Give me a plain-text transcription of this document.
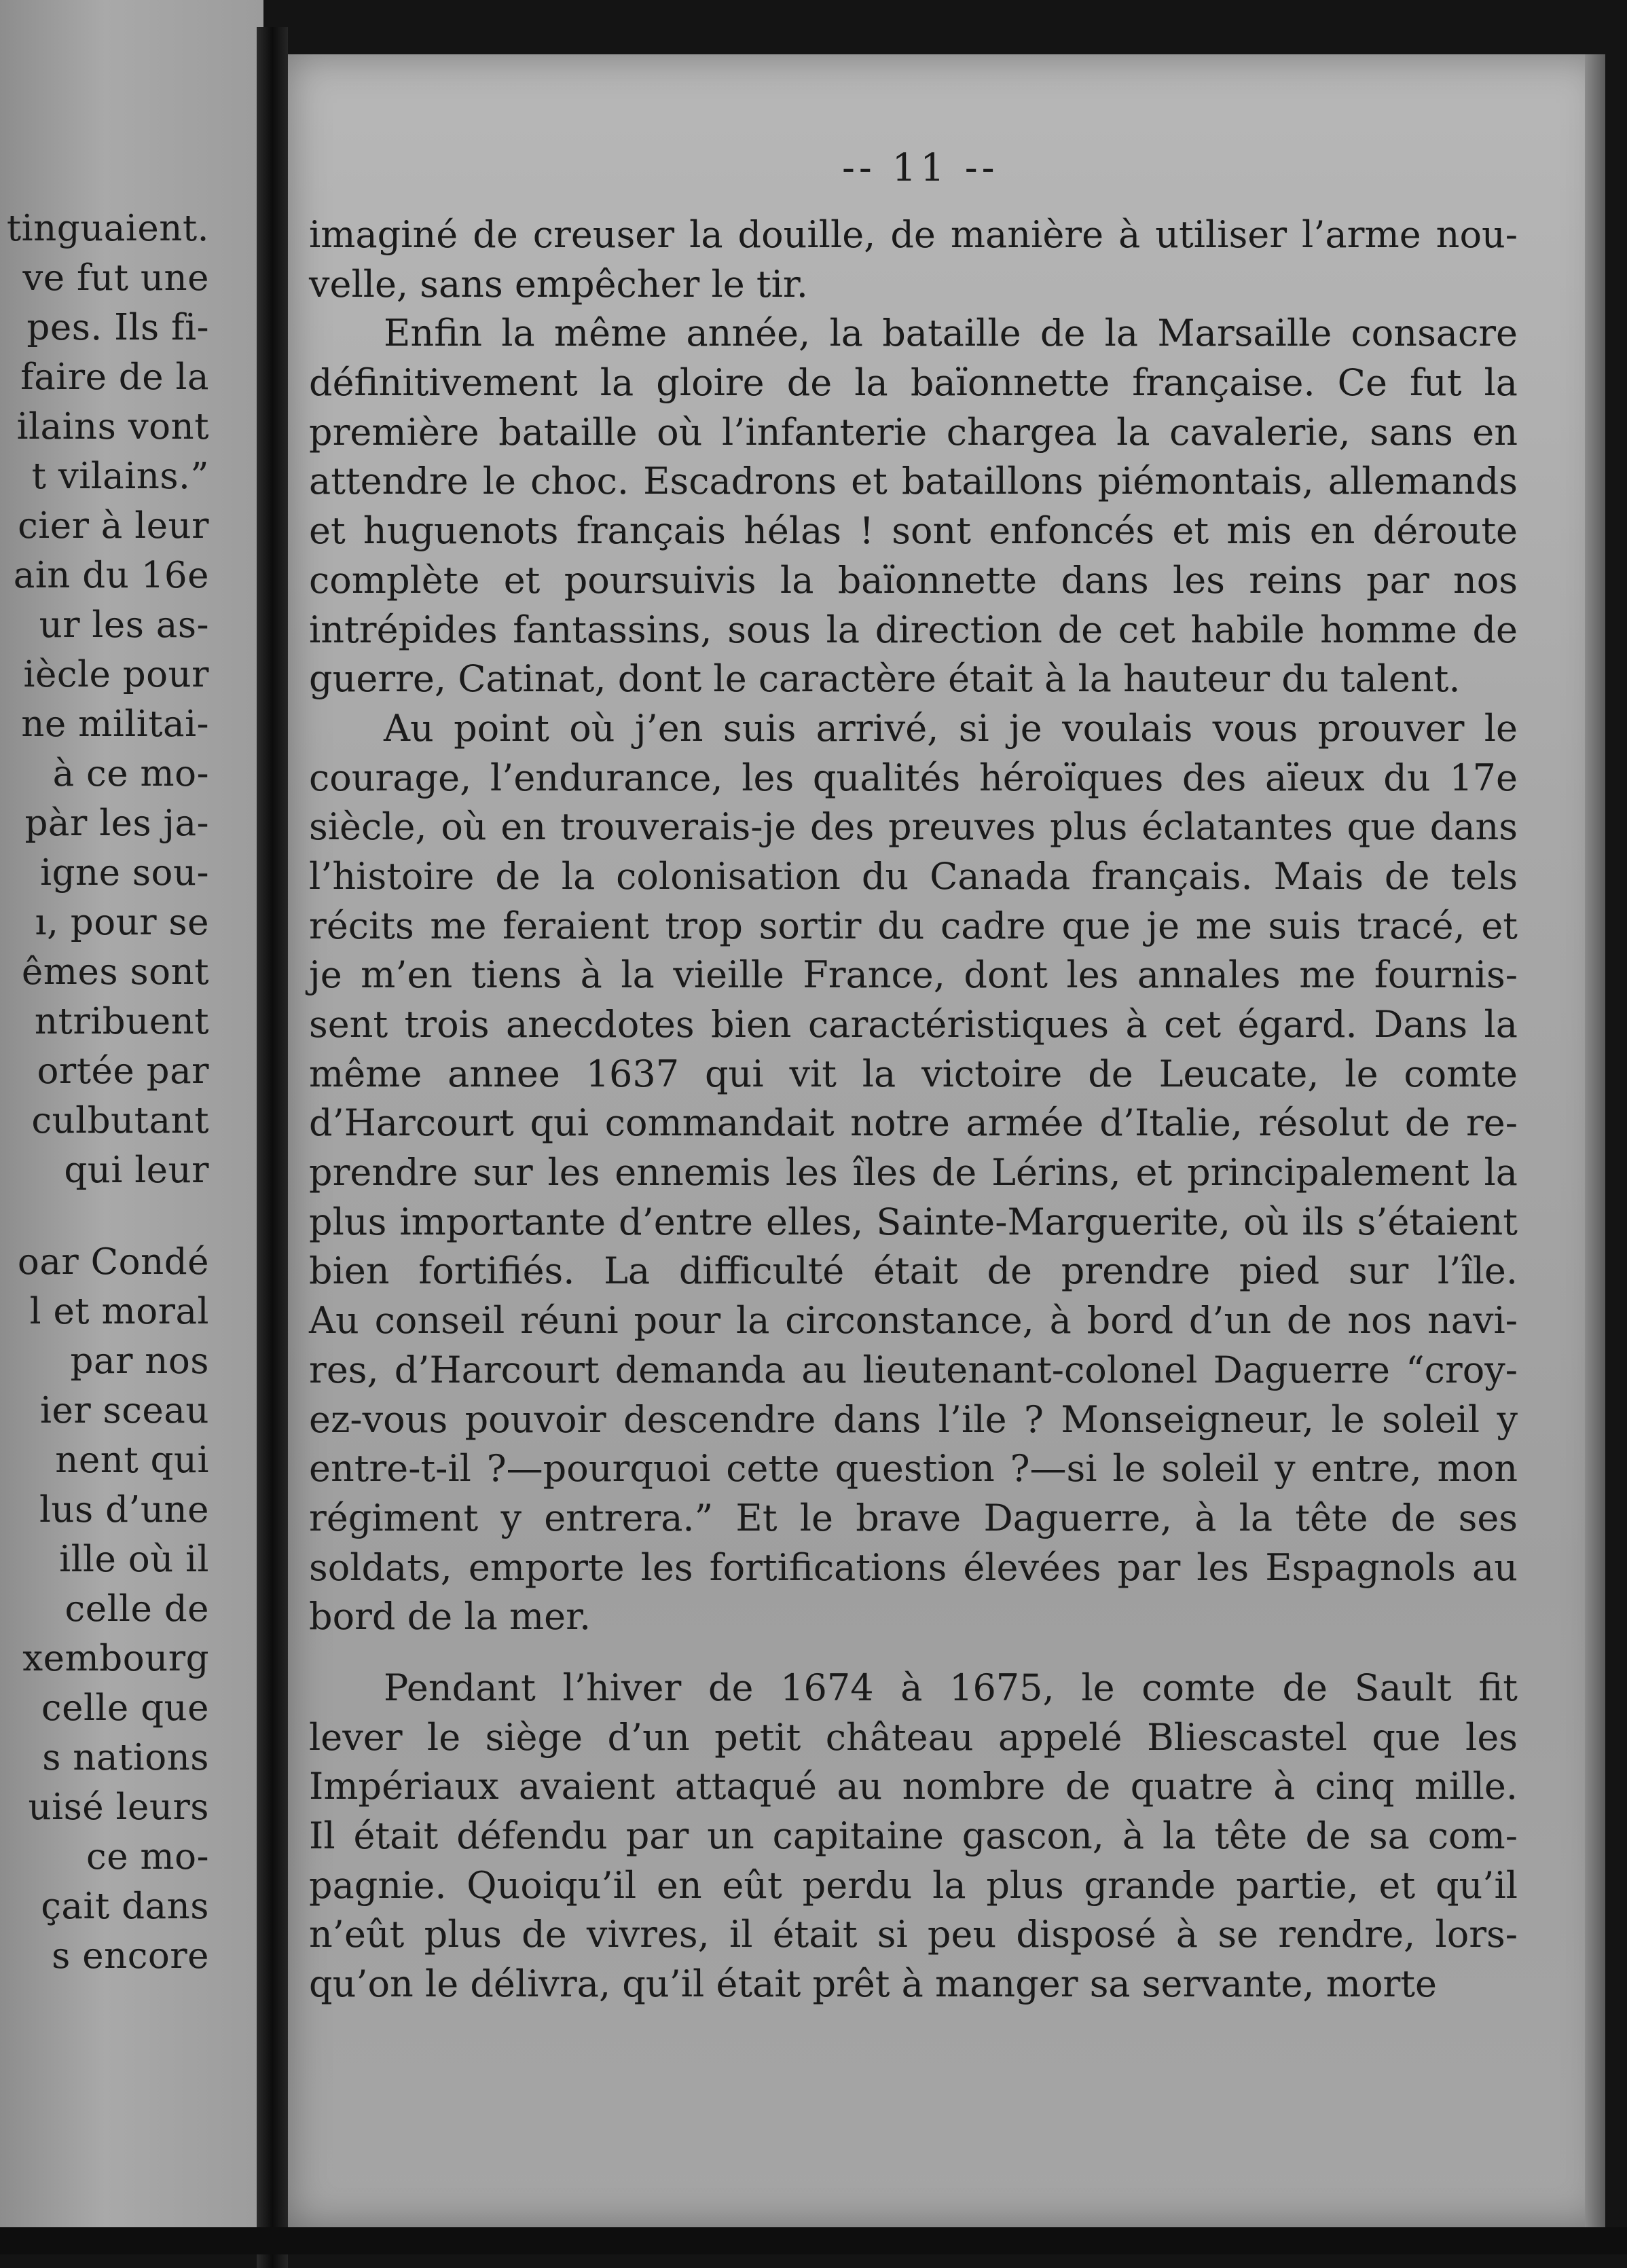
tinguaient.
ve fut une
pes. Ils fi-
faire de la
ilains vont
t vilains.”
cier à leur
ain du 16e
ur les as-
iècle pour
ne militai-
à ce mo-
pàr les ja-
igne sou-
ı, pour se
êmes sont
ntribuent
ortée par
culbutant
qui leur
oar Condé
l et moral
par nos
ier sceau
nent qui
lus d’une
ille où il
celle de
xembourg
celle que
s nations
uisé leurs
ce mo-
çait dans
s encore
-- 11 --
imaginé de creuser la douille, de manière à utiliser l’arme nou-
velle, sans empêcher le tir.
Enfin la même année, la bataille de la Marsaille consacre
définitivement la gloire de la baïonnette française. Ce fut la
première bataille où l’infanterie chargea la cavalerie, sans en
attendre le choc. Escadrons et bataillons piémontais, allemands
et huguenots français hélas ! sont enfoncés et mis en déroute
complète et poursuivis la baïonnette dans les reins par nos
intrépides fantassins, sous la direction de cet habile homme de
guerre, Catinat, dont le caractère était à la hauteur du talent.
Au point où j’en suis arrivé, si je voulais vous prouver le
courage, l’endurance, les qualités héroïques des aïeux du 17e
siècle, où en trouverais-je des preuves plus éclatantes que dans
l’histoire de la colonisation du Canada français. Mais de tels
récits me feraient trop sortir du cadre que je me suis tracé, et
je m’en tiens à la vieille France, dont les annales me fournis-
sent trois anecdotes bien caractéristiques à cet égard. Dans la
même annee 1637 qui vit la victoire de Leucate, le comte
d’Harcourt qui commandait notre armée d’Italie, résolut de re-
prendre sur les ennemis les îles de Lérins, et principalement la
plus importante d’entre elles, Sainte-Marguerite, où ils s’étaient
bien fortifiés. La difficulté était de prendre pied sur l’île.
Au conseil réuni pour la circonstance, à bord d’un de nos navi-
res, d’Harcourt demanda au lieutenant-colonel Daguerre “croy-
ez-vous pouvoir descendre dans l’ile ? Monseigneur, le soleil y
entre-t-il ?—pourquoi cette question ?—si le soleil y entre, mon
régiment y entrera.” Et le brave Daguerre, à la tête de ses
soldats, emporte les fortifications élevées par les Espagnols au
bord de la mer.
Pendant l’hiver de 1674 à 1675, le comte de Sault fit
lever le siège d’un petit château appelé Bliescastel que les
Impériaux avaient attaqué au nombre de quatre à cinq mille.
Il était défendu par un capitaine gascon, à la tête de sa com-
pagnie. Quoiqu’il en eût perdu la plus grande partie, et qu’il
n’eût plus de vivres, il était si peu disposé à se rendre, lors-
qu’on le délivra, qu’il était prêt à manger sa servante, morte
